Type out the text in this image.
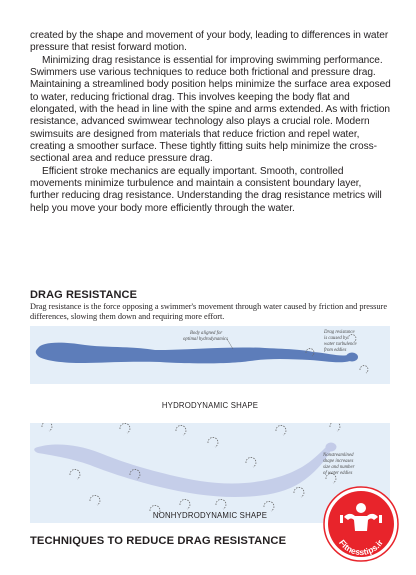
created by the shape and movement of your body, leading to differences in water pressure that resist forward motion.

Minimizing drag resistance is essential for improving swimming performance. Swimmers use various techniques to reduce both frictional and pressure drag. Maintaining a streamlined body position helps minimize the surface area exposed to water, reducing frictional drag. This involves keeping the body flat and elongated, with the head in line with the spine and arms extended. As with friction resistance, advanced swimwear technology also plays a crucial role. Modern swimsuits are designed from materials that reduce friction and repel water, creating a smoother surface. These tightly fitting suits help minimize the cross-sectional area and reduce pressure drag.

Efficient stroke mechanics are equally important. Smooth, controlled movements minimize turbulence and maintain a consistent boundary layer, further reducing drag resistance. Understanding the drag resistance metrics will help you move your body more efficiently through the water.

DRAG RESISTANCE
Drag resistance is the force opposing a swimmer's movement through water caused by friction and pressure differences, slowing them down and requiring more effort.
Body aligned for
optimal hydrodynamics
Drag resistance
is caused by
water turbulence
from eddies
HYDRODYNAMIC SHAPE
Nonstreamlined
shape increases
size and number
of water eddies
NONHYDRODYNAMIC SHAPE
TECHNIQUES TO REDUCE DRAG RESISTANCE	Fitnesstips.ir
